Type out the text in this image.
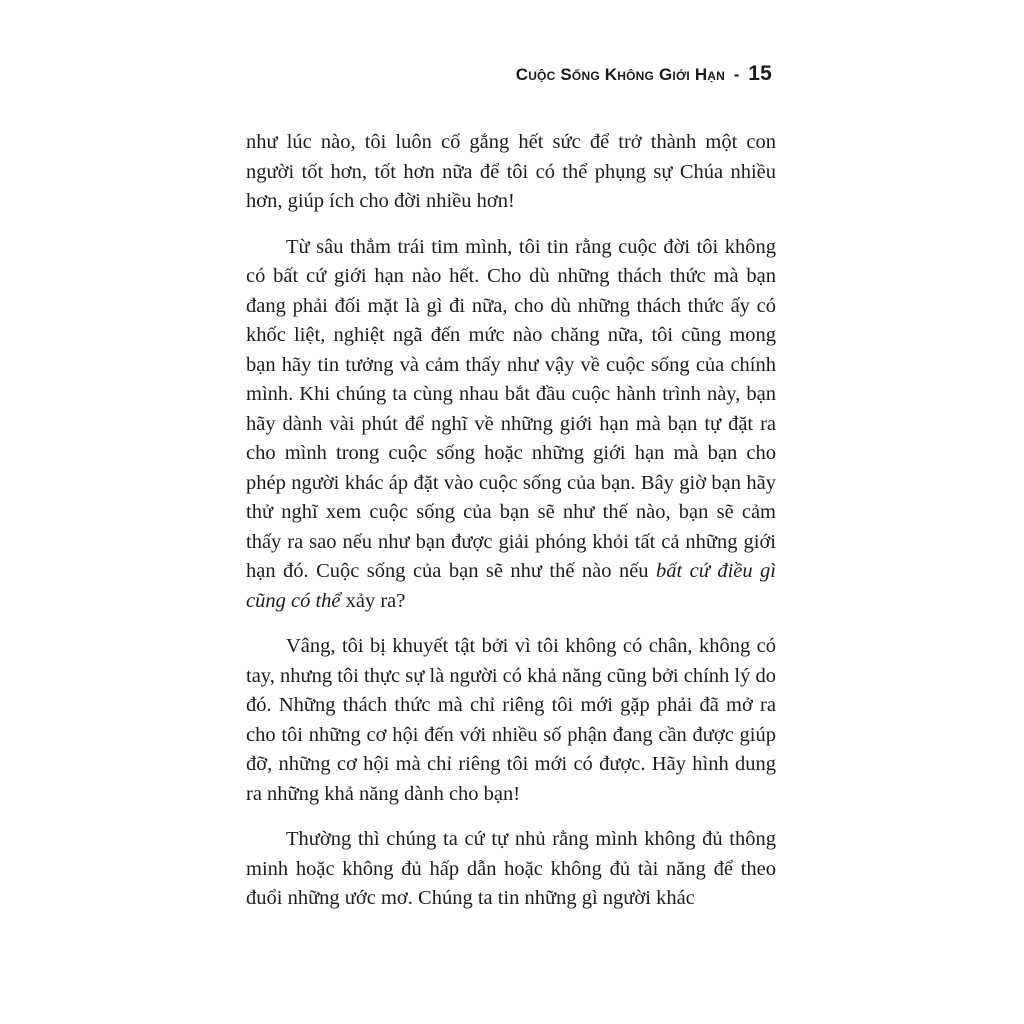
Cuộc Sống Không Giới Hạn - 15

như lúc nào, tôi luôn cố gắng hết sức để trở thành một con người tốt hơn, tốt hơn nữa để tôi có thể phụng sự Chúa nhiều hơn, giúp ích cho đời nhiều hơn!

Từ sâu thẳm trái tim mình, tôi tin rằng cuộc đời tôi không có bất cứ giới hạn nào hết. Cho dù những thách thức mà bạn đang phải đối mặt là gì đi nữa, cho dù những thách thức ấy có khốc liệt, nghiệt ngã đến mức nào chăng nữa, tôi cũng mong bạn hãy tin tưởng và cảm thấy như vậy về cuộc sống của chính mình. Khi chúng ta cùng nhau bắt đầu cuộc hành trình này, bạn hãy dành vài phút để nghĩ về những giới hạn mà bạn tự đặt ra cho mình trong cuộc sống hoặc những giới hạn mà bạn cho phép người khác áp đặt vào cuộc sống của bạn. Bây giờ bạn hãy thử nghĩ xem cuộc sống của bạn sẽ như thế nào, bạn sẽ cảm thấy ra sao nếu như bạn được giải phóng khỏi tất cả những giới hạn đó. Cuộc sống của bạn sẽ như thế nào nếu bất cứ điều gì cũng có thể xảy ra?

Vâng, tôi bị khuyết tật bởi vì tôi không có chân, không có tay, nhưng tôi thực sự là người có khả năng cũng bởi chính lý do đó. Những thách thức mà chỉ riêng tôi mới gặp phải đã mở ra cho tôi những cơ hội đến với nhiều số phận đang cần được giúp đỡ, những cơ hội mà chỉ riêng tôi mới có được. Hãy hình dung ra những khả năng dành cho bạn!

Thường thì chúng ta cứ tự nhủ rằng mình không đủ thông minh hoặc không đủ hấp dẫn hoặc không đủ tài năng để theo đuổi những ước mơ. Chúng ta tin những gì người khác
